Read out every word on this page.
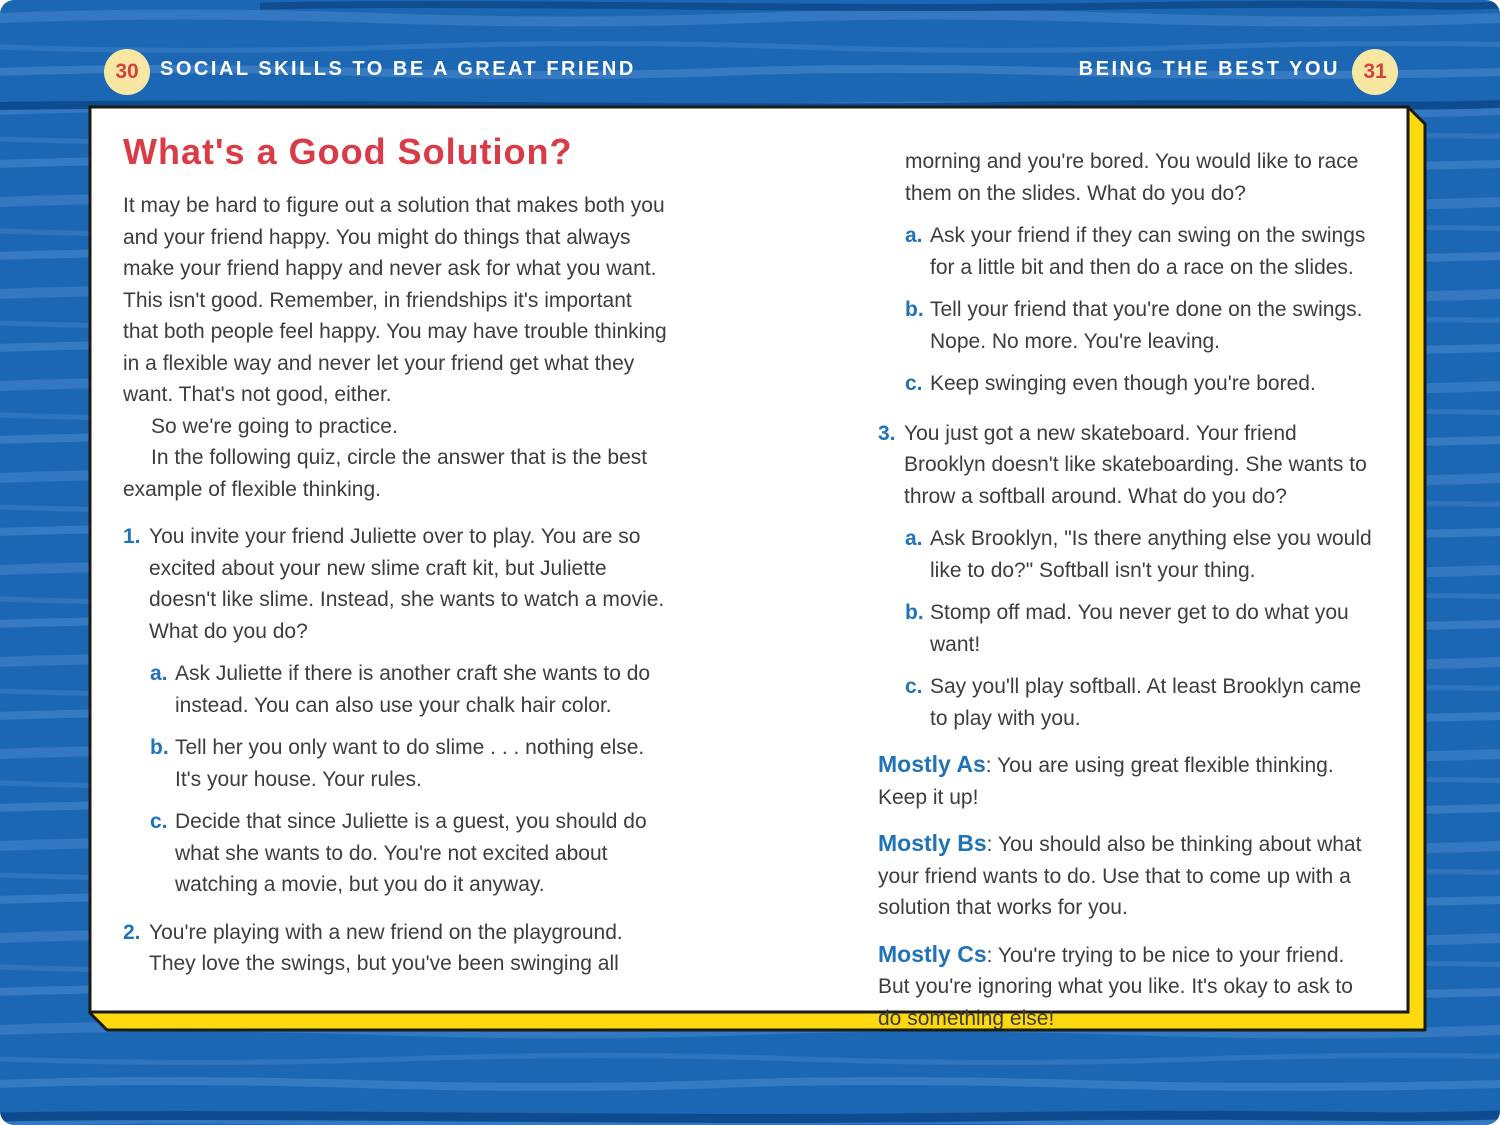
30 SOCIAL SKILLS TO BE A GREAT FRIEND	BEING THE BEST YOU 31
What's a Good Solution?

It may be hard to figure out a solution that makes both you and your friend happy. You might do things that always make your friend happy and never ask for what you want. This isn't good. Remember, in friendships it's important that both people feel happy. You may have trouble thinking in a flexible way and never let your friend get what they want. That's not good, either.

So we're going to practice.

In the following quiz, circle the answer that is the best example of flexible thinking.

1. You invite your friend Juliette over to play. You are so excited about your new slime craft kit, but Juliette doesn't like slime. Instead, she wants to watch a movie. What do you do?
a. Ask Juliette if there is another craft she wants to do instead. You can also use your chalk hair color.
b. Tell her you only want to do slime . . . nothing else. It's your house. Your rules.
c. Decide that since Juliette is a guest, you should do what she wants to do. You're not excited about watching a movie, but you do it anyway.
2. You're playing with a new friend on the playground. They love the swings, but you've been swinging all

morning and you're bored. You would like to race them on the slides. What do you do?

a. Ask your friend if they can swing on the swings for a little bit and then do a race on the slides.
b. Tell your friend that you're done on the swings. Nope. No more. You're leaving.
c. Keep swinging even though you're bored.
3. You just got a new skateboard. Your friend Brooklyn doesn't like skateboarding. She wants to throw a softball around. What do you do?
a. Ask Brooklyn, "Is there anything else you would like to do?" Softball isn't your thing.
b. Stomp off mad. You never get to do what you want!
c. Say you'll play softball. At least Brooklyn came to play with you.

Mostly As: You are using great flexible thinking. Keep it up!

Mostly Bs: You should also be thinking about what your friend wants to do. Use that to come up with a solution that works for you.

Mostly Cs: You're trying to be nice to your friend. But you're ignoring what you like. It's okay to ask to do something else!
